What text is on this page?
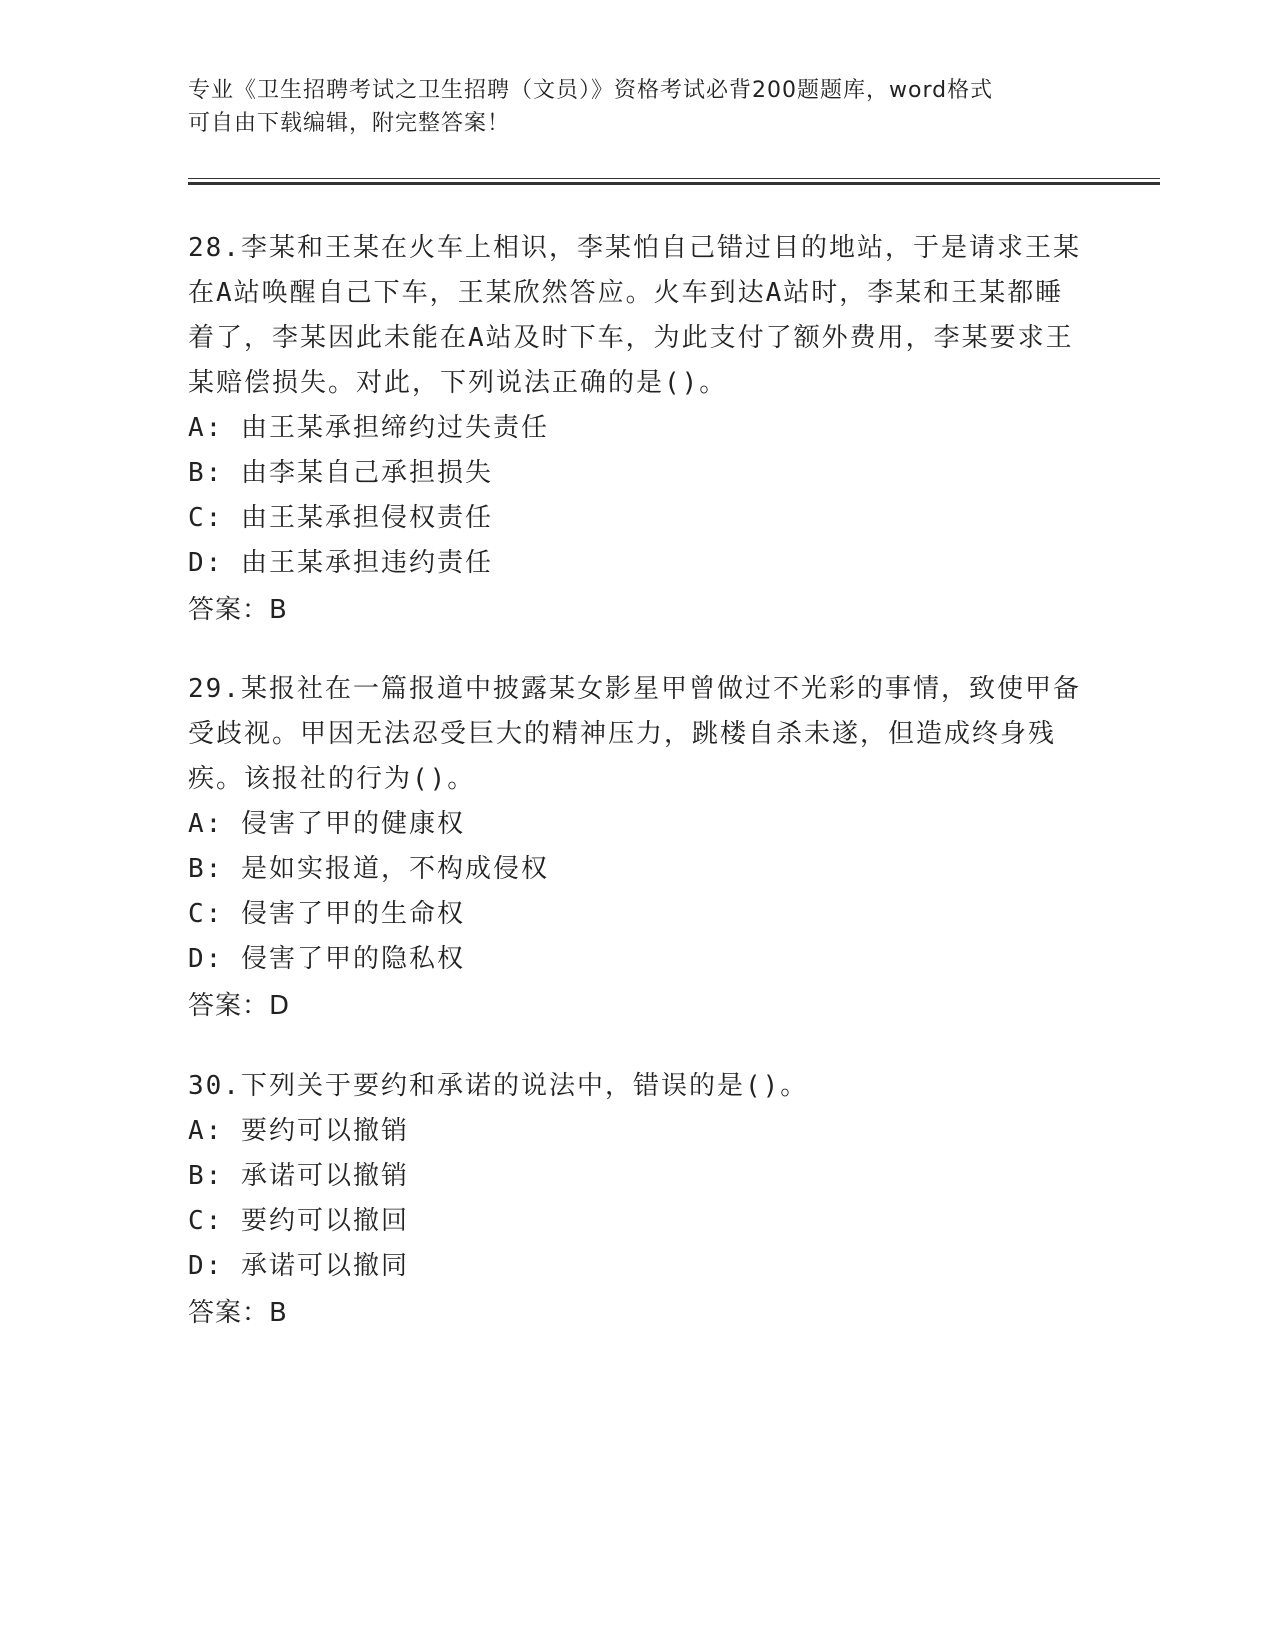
专业《卫生招聘考试之卫生招聘（文员）》资格考试必背200题题库，word格式
可自由下载编辑，附完整答案！

28.李某和王某在火车上相识，李某怕自己错过目的地站，于是请求王某在A站唤醒自己下车，王某欣然答应。火车到达A站时，李某和王某都睡着了，李某因此未能在A站及时下车，为此支付了额外费用，李某要求王某赔偿损失。对此，下列说法正确的是()。

A: 由王某承担缔约过失责任

B: 由李某自己承担损失

C: 由王某承担侵权责任

D: 由王某承担违约责任

答案：B

29.某报社在一篇报道中披露某女影星甲曾做过不光彩的事情，致使甲备受歧视。甲因无法忍受巨大的精神压力，跳楼自杀未遂，但造成终身残疾。该报社的行为()。

A: 侵害了甲的健康权

B: 是如实报道，不构成侵权

C: 侵害了甲的生命权

D: 侵害了甲的隐私权

答案：D

30.下列关于要约和承诺的说法中，错误的是()。

A: 要约可以撤销

B: 承诺可以撤销

C: 要约可以撤回

D: 承诺可以撤同

答案：B
